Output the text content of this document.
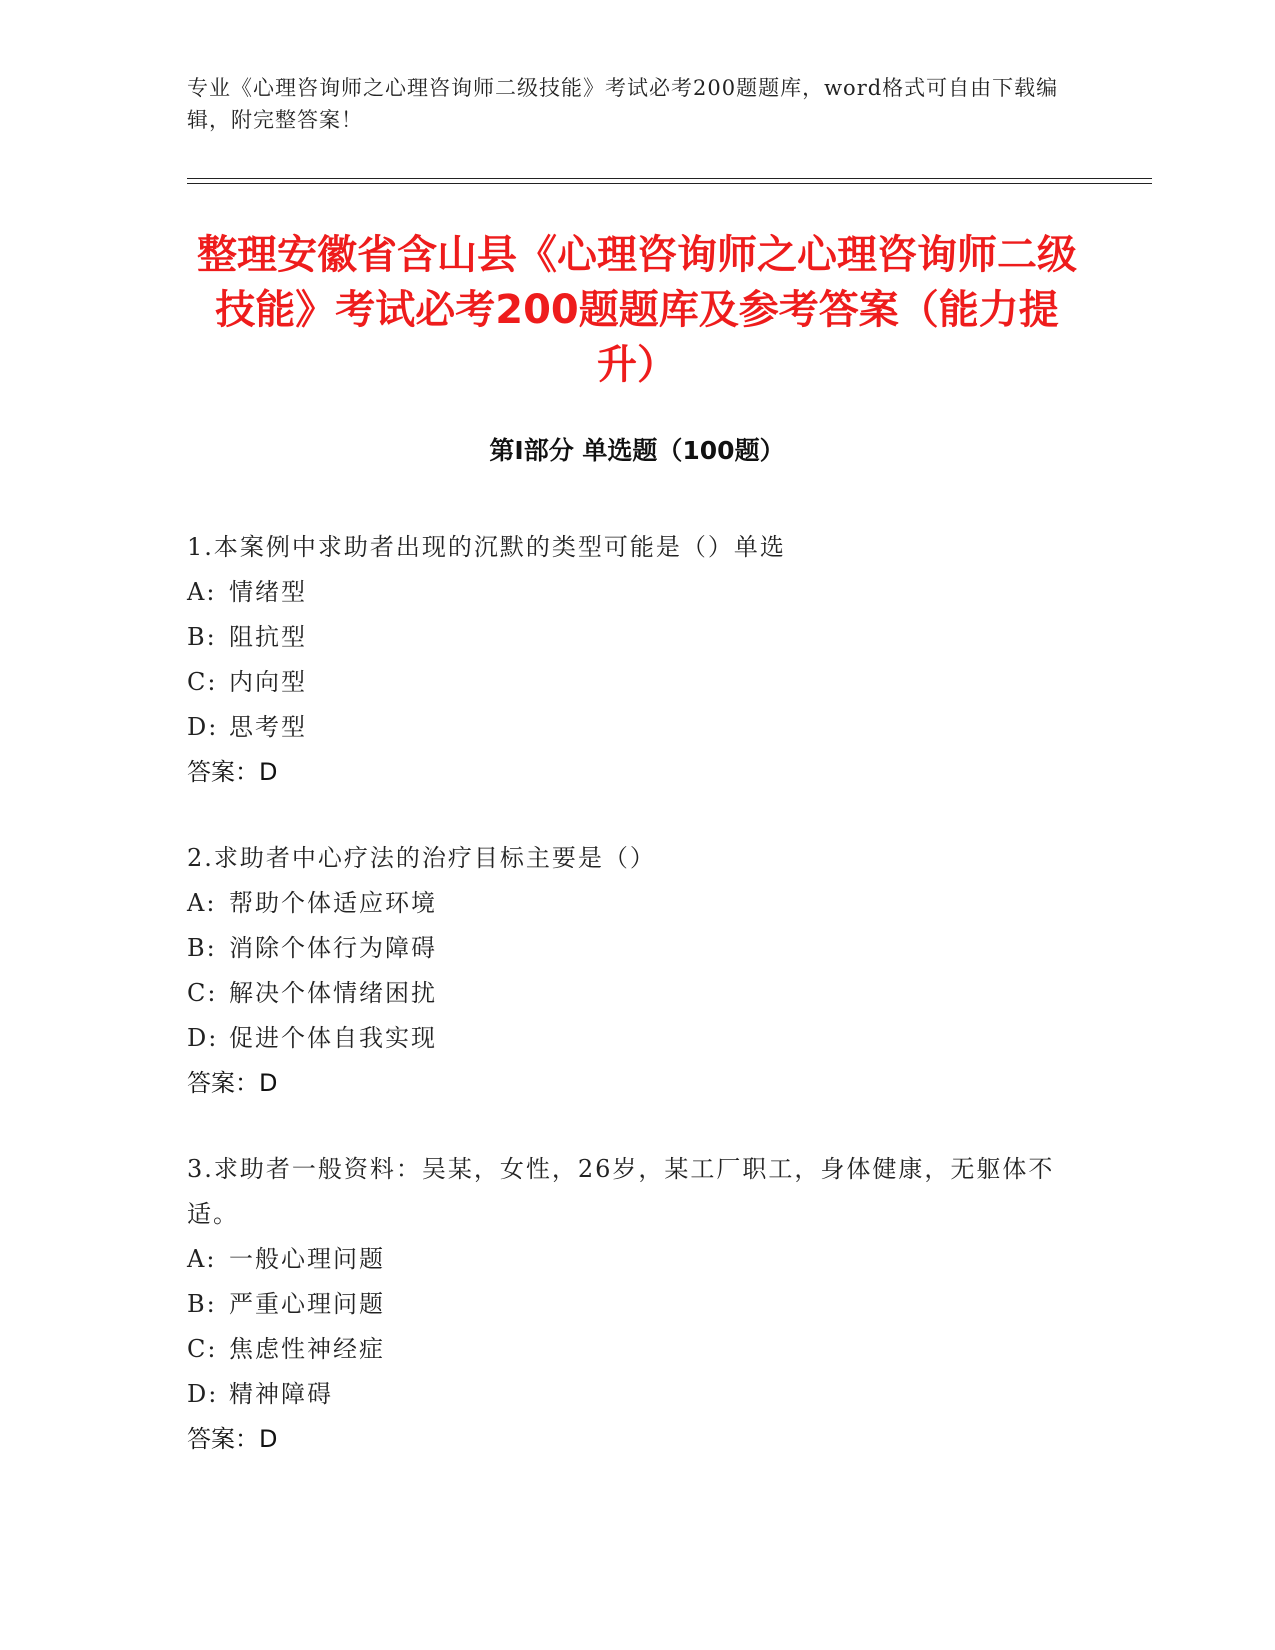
专业《心理咨询师之心理咨询师二级技能》考试必考200题题库，word格式可自由下载编辑，附完整答案！
整理安徽省含山县《心理咨询师之心理咨询师二级技能》考试必考200题题库及参考答案（能力提升）
第I部分 单选题（100题）

1.本案例中求助者出现的沉默的类型可能是（）单选

A: 情绪型

B: 阻抗型

C: 内向型

D: 思考型

答案：D

2.求助者中心疗法的治疗目标主要是（）

A: 帮助个体适应环境

B: 消除个体行为障碍

C: 解决个体情绪困扰

D: 促进个体自我实现

答案：D

3.求助者一般资料：吴某，女性，26岁，某工厂职工，身体健康，无躯体不适。

A: 一般心理问题

B: 严重心理问题

C: 焦虑性神经症

D: 精神障碍

答案：D
